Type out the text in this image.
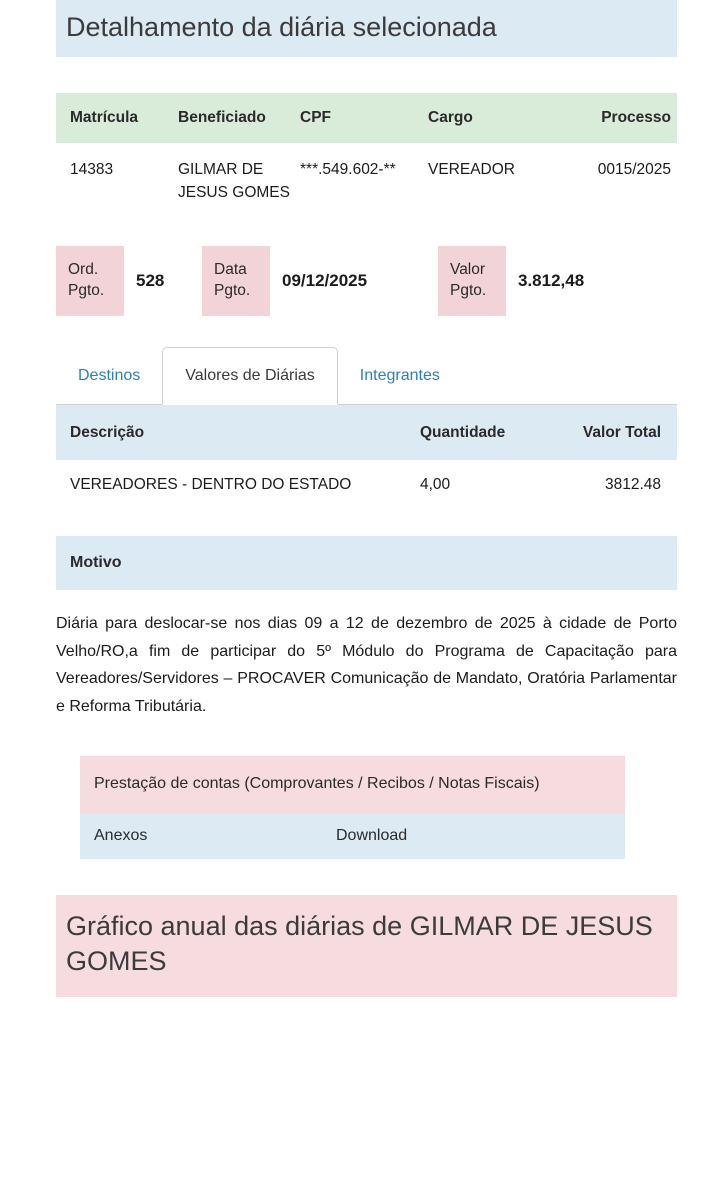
Detalhamento da diária selecionada
Matrícula	Beneficiado	CPF	Cargo	Processo
14383	GILMAR DE JESUS GOMES	***.549.602-**	VEREADOR	0015/2025
Ord. Pgto.
528
Data Pgto.
09/12/2025
Valor Pgto.
3.812,48
Destinos	Valores de Diárias	Integrantes
Descrição	Quantidade	Valor Total
VEREADORES - DENTRO DO ESTADO	4,00	3812.48
Motivo
Diária para deslocar-se nos dias 09 a 12 de dezembro de 2025 à cidade de Porto Velho/RO,a fim de participar do 5º Módulo do Programa de Capacitação para Vereadores/Servidores – PROCAVER Comunicação de Mandato, Oratória Parlamentar e Reforma Tributária.
Prestação de contas (Comprovantes / Recibos / Notas Fiscais)
Anexos	Download
Gráfico anual das diárias de GILMAR DE JESUS GOMES
